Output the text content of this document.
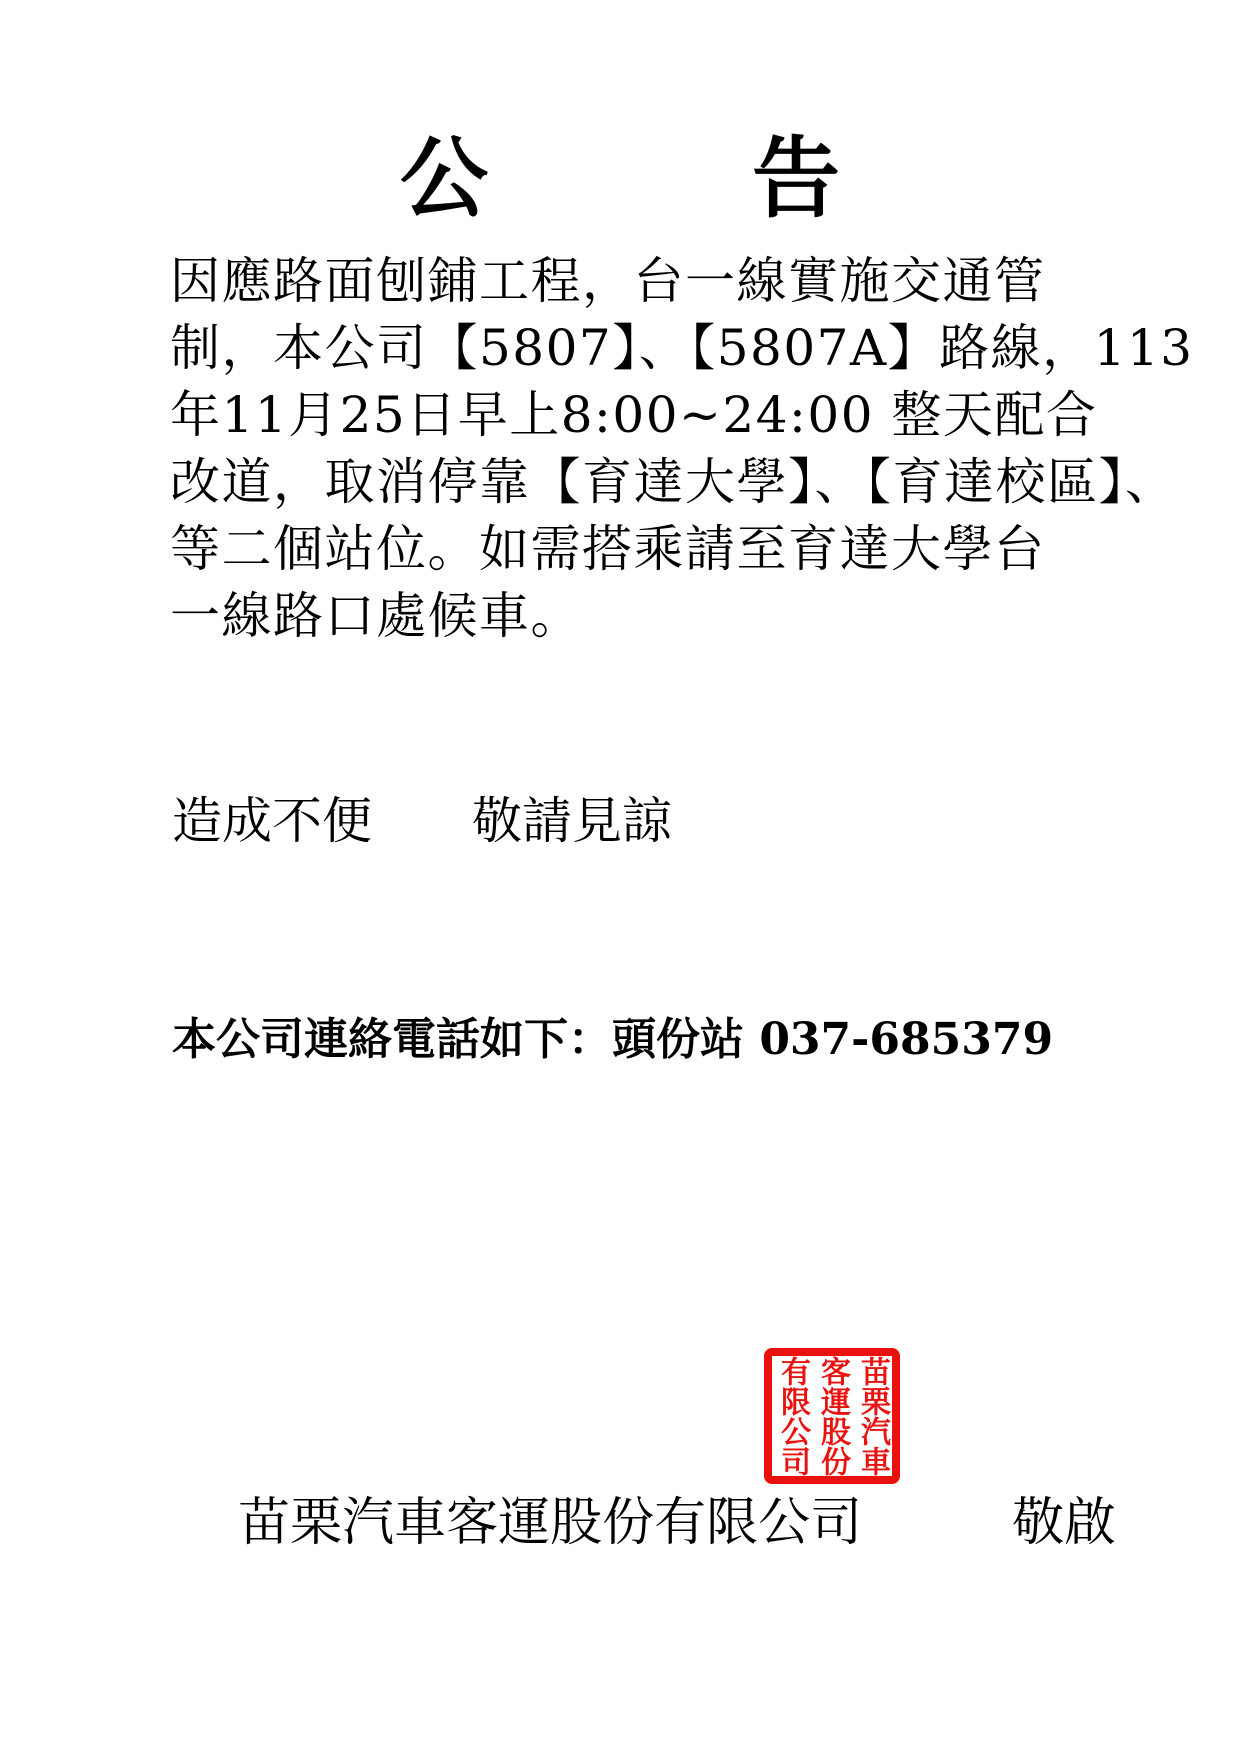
公　　　告
因應路面刨鋪工程，台一線實施交通管
制，本公司【5807】、【5807A】路線，113
年11月25日早上8:00~24:00 整天配合
改道，取消停靠【育達大學】、【育達校區】、
等二個站位。如需搭乘請至育達大學台
一線路口處候車。
造成不便　　敬請見諒
本公司連絡電話如下：頭份站 037-685379

苗栗汽車客運股份有限公司	敬啟

苗栗汽車客運股份有限公司
